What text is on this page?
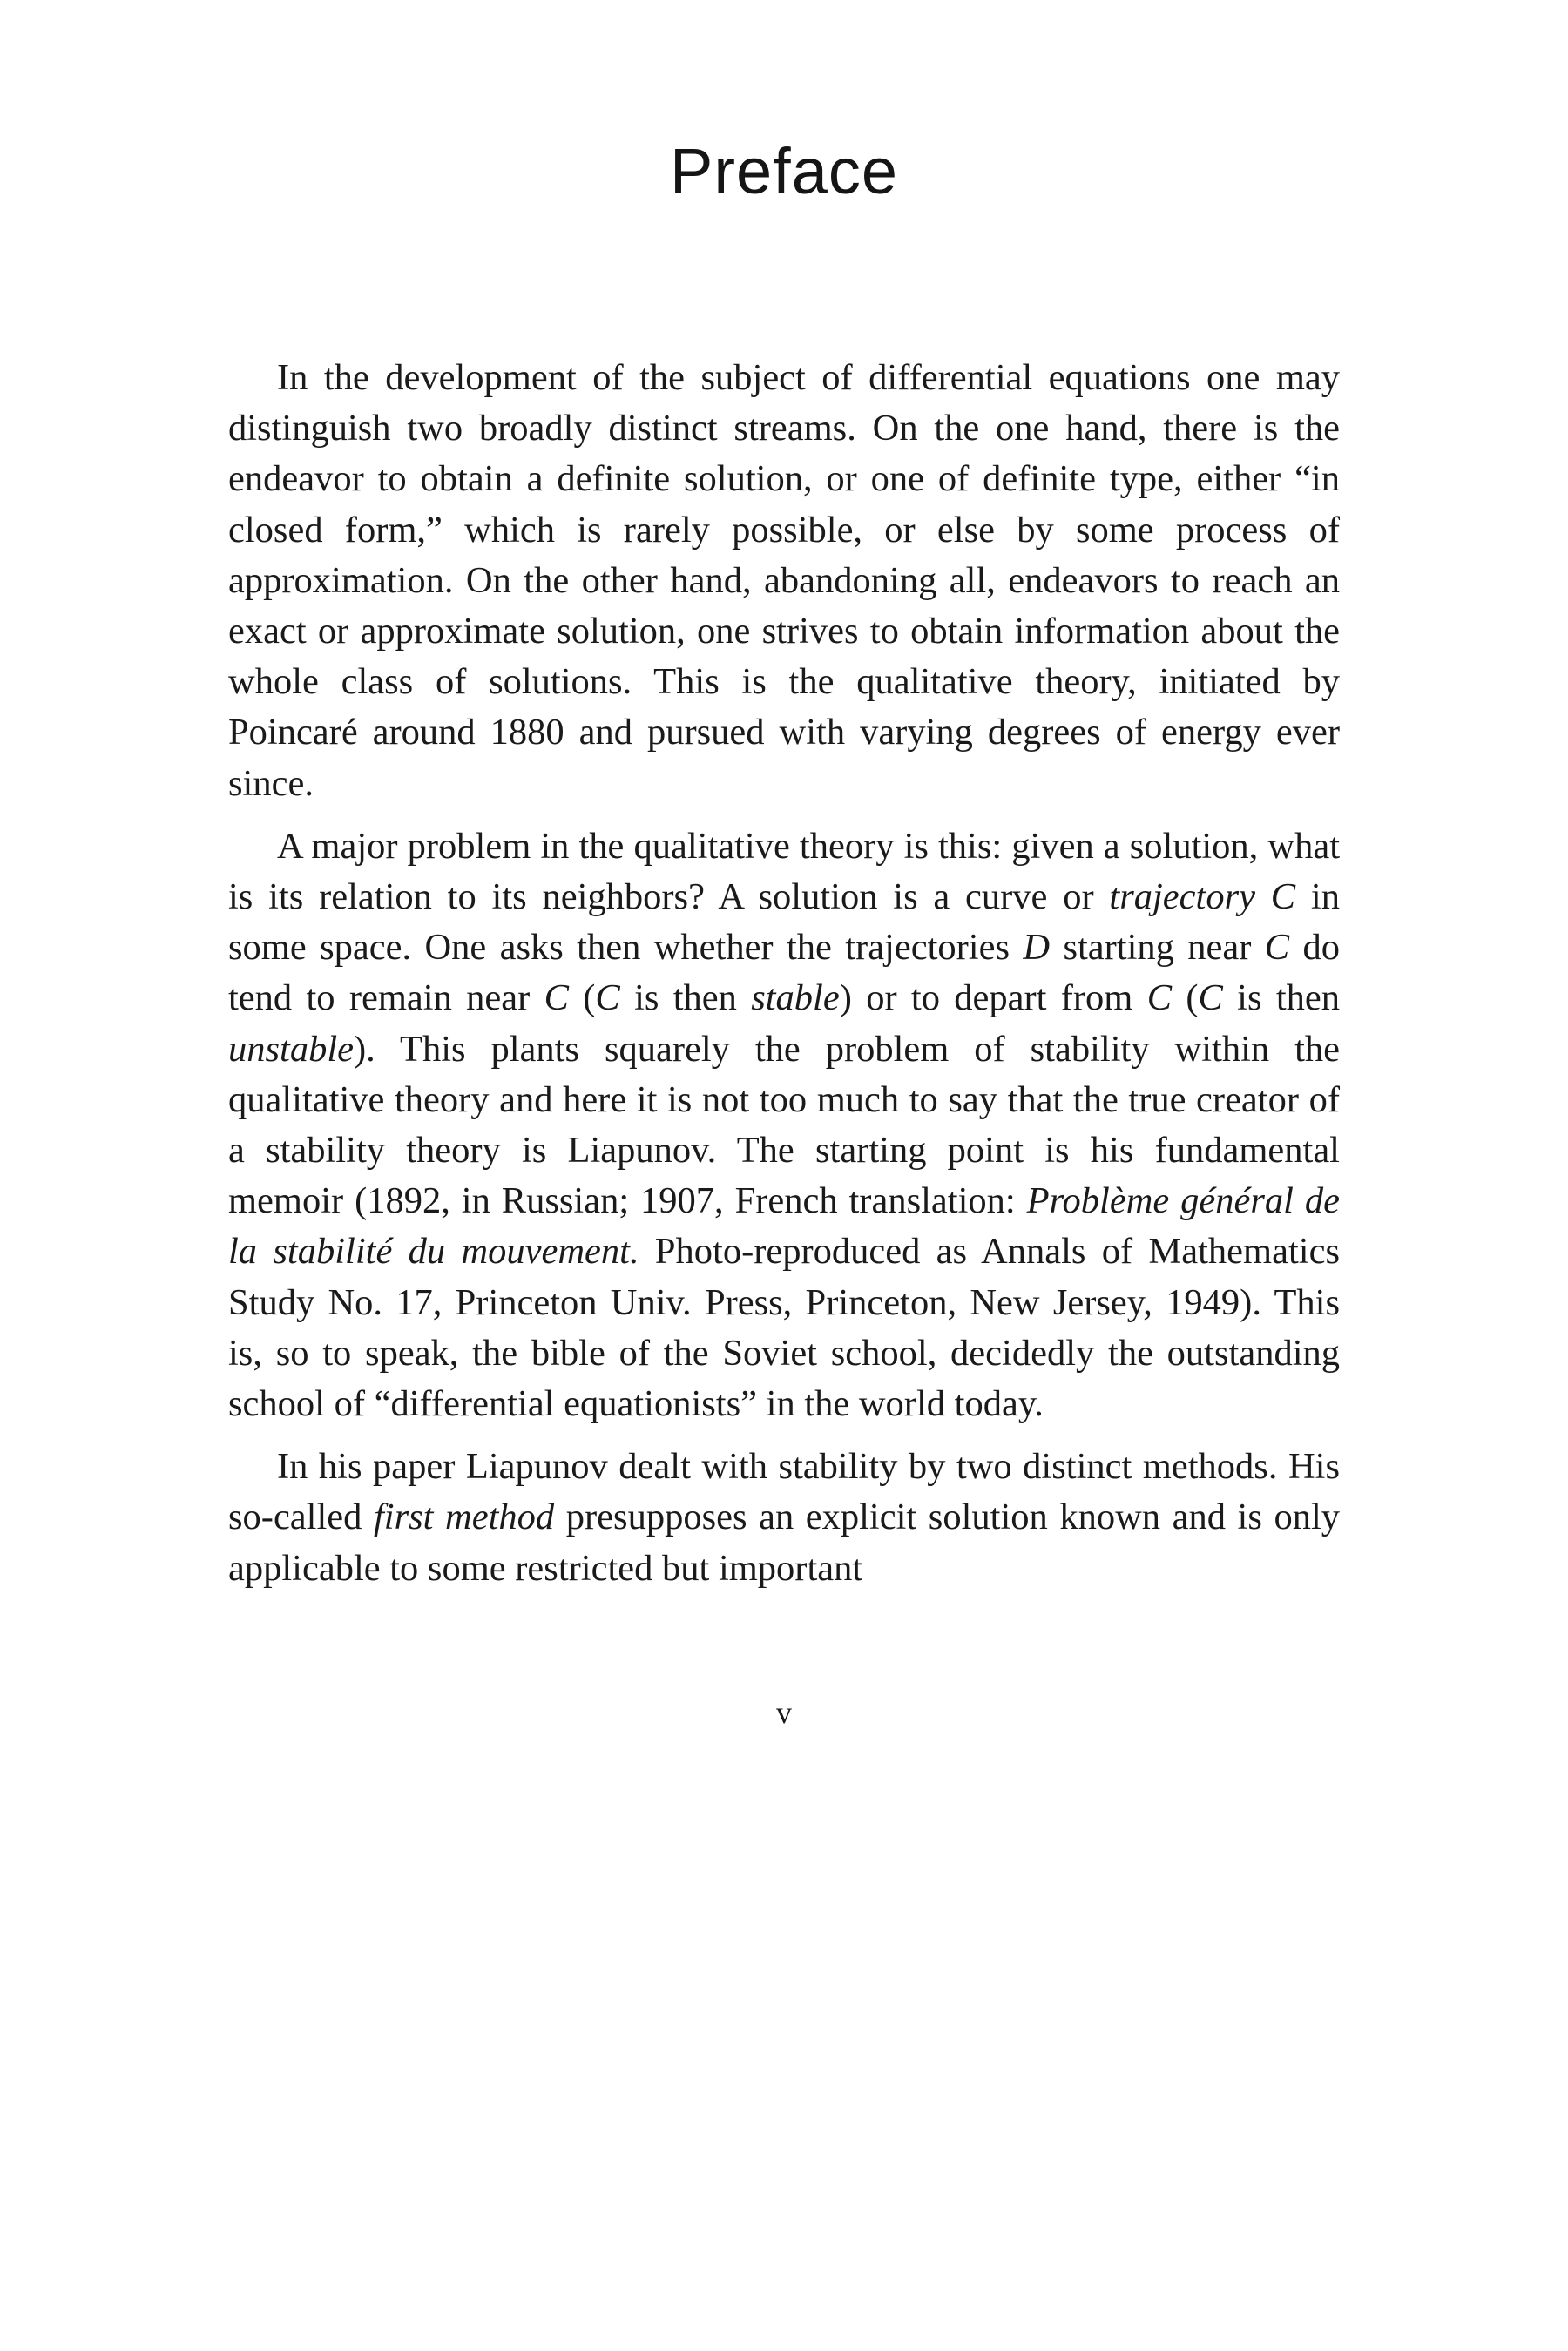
Preface

In the development of the subject of differential equations one may distinguish two broadly distinct streams. On the one hand, there is the endeavor to obtain a definite solution, or one of definite type, either “in closed form,” which is rarely possible, or else by some process of approximation. On the other hand, abandoning all, endeavors to reach an exact or approximate solution, one strives to obtain information about the whole class of solutions. This is the qualitative theory, initiated by Poincaré around 1880 and pursued with varying degrees of energy ever since.

A major problem in the qualitative theory is this: given a solution, what is its relation to its neighbors? A solution is a curve or trajectory C in some space. One asks then whether the trajectories D starting near C do tend to remain near C (C is then stable) or to depart from C (C is then unstable). This plants squarely the problem of stability within the qualitative theory and here it is not too much to say that the true creator of a stability theory is Liapunov. The starting point is his fundamental memoir (1892, in Russian; 1907, French translation: Problème général de la stabilité du mouvement. Photo-reproduced as Annals of Mathematics Study No. 17, Princeton Univ. Press, Princeton, New Jersey, 1949). This is, so to speak, the bible of the Soviet school, decidedly the outstanding school of “differential equationists” in the world today.

In his paper Liapunov dealt with stability by two distinct methods. His so-called first method presupposes an explicit solution known and is only applicable to some restricted but important

v
